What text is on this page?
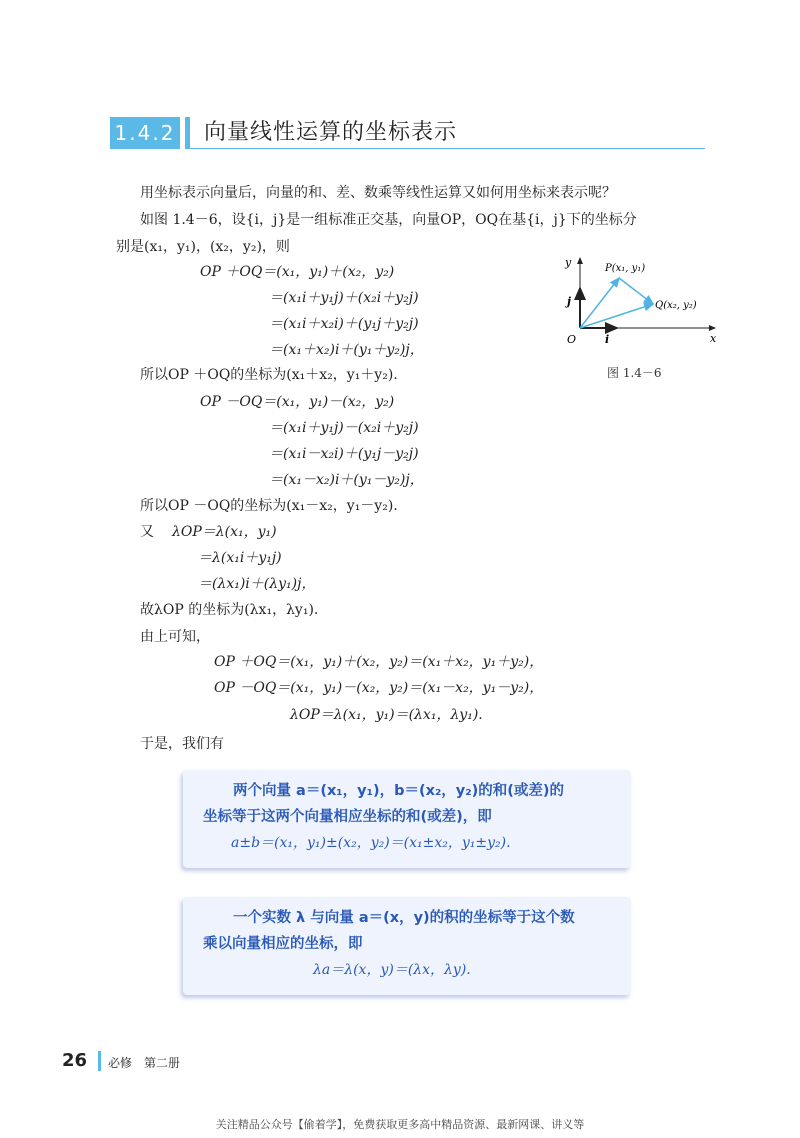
1.4.2 向量线性运算的坐标表示
用坐标表示向量后，向量的和、差、数乘等线性运算又如何用坐标来表示呢？
如图 1.4－6，设{i，j}是一组标准正交基，向量OP，OQ在基{i，j}下的坐标分
别是(x₁，y₁)，(x₂，y₂)，则
OP ＋OQ＝(x₁，y₁)＋(x₂，y₂)
＝(x₁i＋y₁j)＋(x₂i＋y₂j)
＝(x₁i＋x₂i)＋(y₁j＋y₂j)
＝(x₁＋x₂)i＋(y₁＋y₂)j，
所以OP ＋OQ的坐标为(x₁＋x₂，y₁＋y₂).
OP －OQ＝(x₁，y₁)－(x₂，y₂)
＝(x₁i＋y₁j)－(x₂i＋y₂j)
＝(x₁i－x₂i)＋(y₁j－y₂j)
＝(x₁－x₂)i＋(y₁－y₂)j，
所以OP －OQ的坐标为(x₁－x₂，y₁－y₂).
又 λOP＝λ(x₁，y₁)
＝λ(x₁i＋y₁j)
＝(λx₁)i＋(λy₁)j，
故λOP 的坐标为(λx₁，λy₁).
由上可知，
OP ＋OQ＝(x₁，y₁)＋(x₂，y₂)＝(x₁＋x₂，y₁＋y₂)，
OP －OQ＝(x₁，y₁)－(x₂，y₂)＝(x₁－x₂，y₁－y₂)，
λOP＝λ(x₁，y₁)＝(λx₁，λy₁).
于是，我们有
y
x
O	i
j
P(x₁, y₁)
Q(x₂, y₂)
图 1.4－6
两个向量 a＝(x₁，y₁)，b＝(x₂，y₂)的和(或差)的
坐标等于这两个向量相应坐标的和(或差)，即
a±b＝(x₁，y₁)±(x₂，y₂)＝(x₁±x₂，y₁±y₂).
一个实数 λ 与向量 a＝(x，y)的积的坐标等于这个数
乘以向量相应的坐标，即
λa＝λ(x，y)＝(λx，λy).
26 必修　第二册
关注精品公众号【偷着学】，免费获取更多高中精品资源、最新网课、讲义等
